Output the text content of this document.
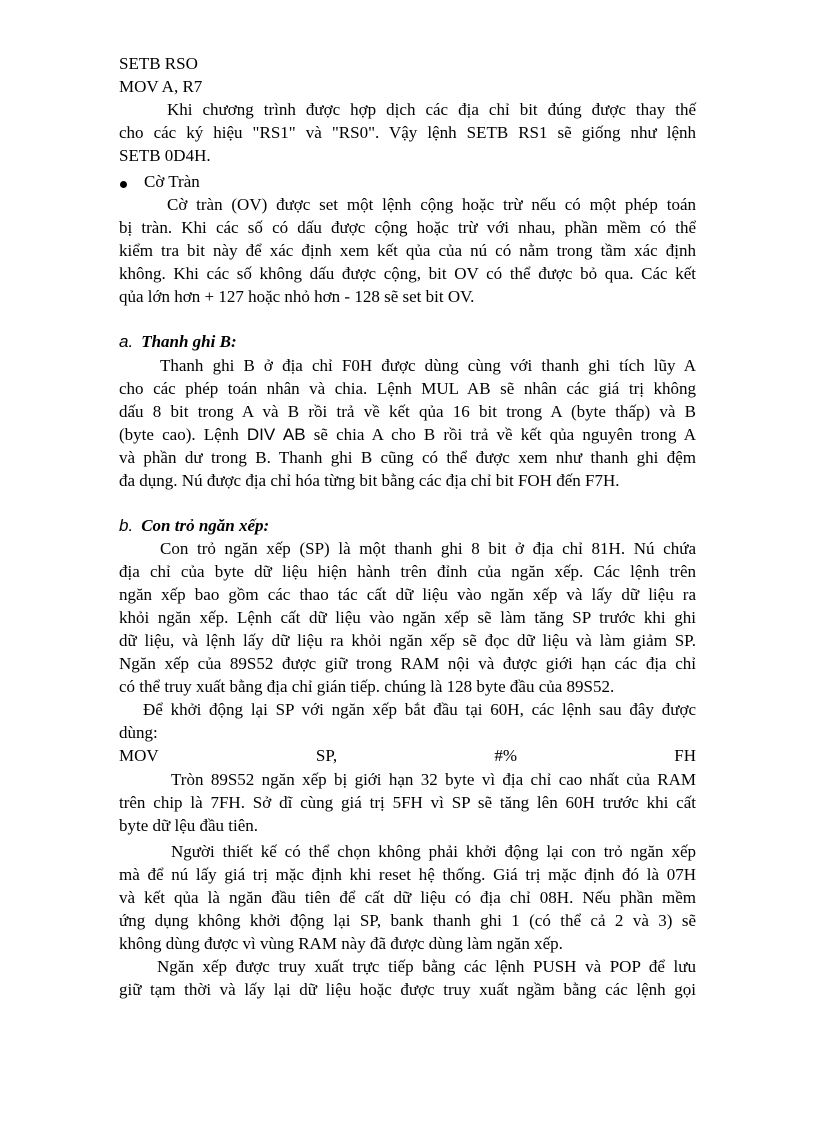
SETB RSO
MOV A, R7
Khi chương trình được hợp dịch các địa chỉ bit đúng được thay thế
cho các ký hiệu "RS1" và "RS0". Vậy lệnh SETB RS1 sẽ giống như lệnh
SETB 0D4H.
Cờ Tràn
Cờ tràn (OV) được set một lệnh cộng hoặc trừ nếu có một phép toán
bị tràn. Khi các số có dấu được cộng hoặc trừ với nhau, phần mềm có thể
kiểm tra bit này để xác định xem kết qủa của nú có nằm trong tầm xác định
không. Khi các số không dấu được cộng, bit OV có thể được bỏ qua. Các kết
qủa lớn hơn + 127 hoặc nhỏ hơn - 128 sẽ set bit OV.
a. Thanh ghi B:
Thanh ghi B ở địa chỉ F0H được dùng cùng với thanh ghi tích lũy A
cho các phép toán nhân và chia. Lệnh MUL AB sẽ nhân các giá trị không
dấu 8 bit trong A và B rồi trả về kết qủa 16 bit trong A (byte thấp) và B
(byte cao). Lệnh DIV AB sẽ chia A cho B rồi trả về kết qủa nguyên trong A
và phần dư trong B. Thanh ghi B cũng có thể được xem như thanh ghi đệm
đa dụng. Nú được địa chỉ hóa từng bit bằng các địa chỉ bit FOH đến F7H.
b. Con trỏ ngăn xếp:
Con trỏ ngăn xếp (SP) là một thanh ghi 8 bit ở địa chỉ 81H. Nú chứa
địa chỉ của byte dữ liệu hiện hành trên đỉnh của ngăn xếp. Các lệnh trên
ngăn xếp bao gồm các thao tác cất dữ liệu vào ngăn xếp và lấy dữ liệu ra
khỏi ngăn xếp. Lệnh cất dữ liệu vào ngăn xếp sẽ làm tăng SP trước khi ghi
dữ liệu, và lệnh lấy dữ liệu ra khỏi ngăn xếp sẽ đọc dữ liệu và làm giảm SP.
Ngăn xếp của 89S52 được giữ trong RAM nội và được giới hạn các địa chỉ
có thể truy xuất bằng địa chỉ gián tiếp. chúng là 128 byte đầu của 89S52.
Để khởi động lại SP với ngăn xếp bắt đầu tại 60H, các lệnh sau đây được
dùng:
MOV	SP,	#%	FH
Tròn 89S52 ngăn xếp bị giới hạn 32 byte vì địa chỉ cao nhất của RAM
trên chip là 7FH. Sở dĩ cùng giá trị 5FH vì SP sẽ tăng lên 60H trước khi cất
byte dữ lệu đầu tiên.
Người thiết kế có thể chọn không phải khởi động lại con trỏ ngăn xếp
mà để nú lấy giá trị mặc định khi reset hệ thống. Giá trị mặc định đó là 07H
và kết qủa là ngăn đầu tiên để cất dữ liệu có địa chỉ 08H. Nếu phần mềm
ứng dụng không khởi động lại SP, bank thanh ghi 1 (có thể cả 2 và 3) sẽ
không dùng được vì vùng RAM này đã được dùng làm ngăn xếp.
Ngăn xếp được truy xuất trực tiếp bằng các lệnh PUSH và POP để lưu
giữ tạm thời và lấy lại dữ liệu hoặc được truy xuất ngầm bằng các lệnh gọi
